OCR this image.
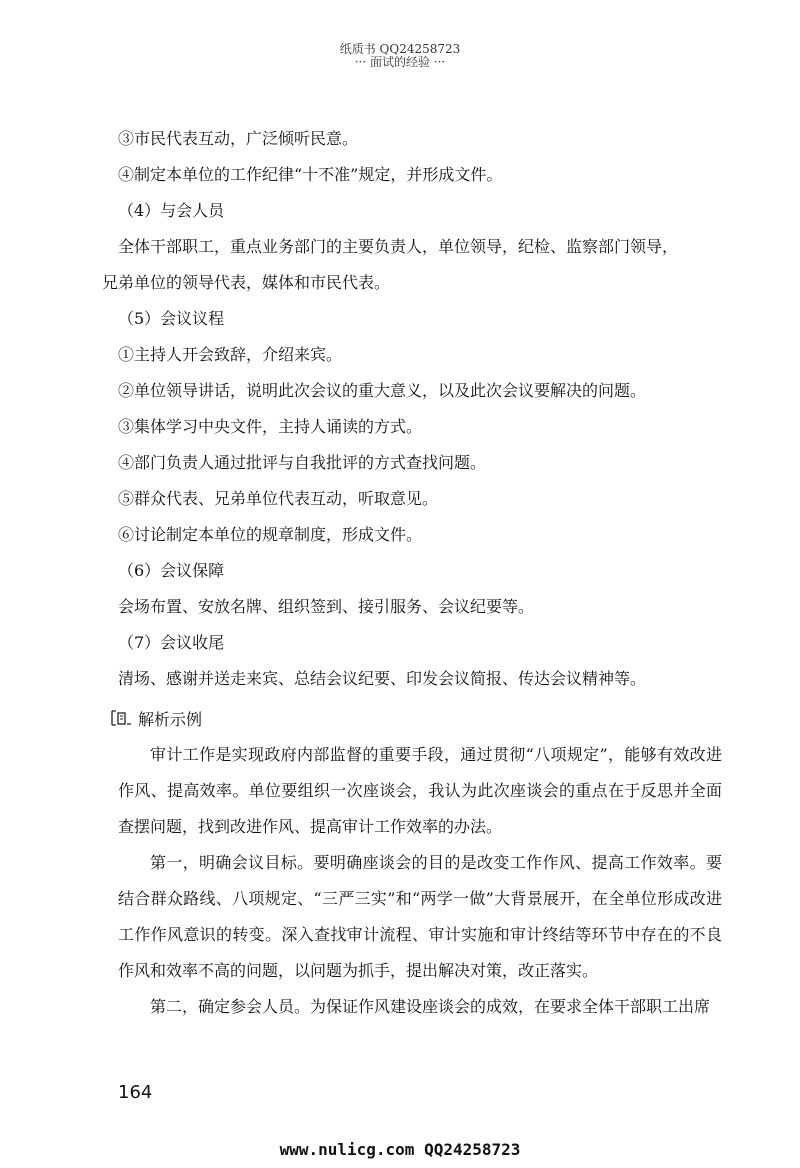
纸质书 QQ24258723
··· 面试的经验 ···
③市民代表互动，广泛倾听民意。
④制定本单位的工作纪律“十不准”规定，并形成文件。
（4）与会人员
全体干部职工，重点业务部门的主要负责人，单位领导，纪检、监察部门领导，
兄弟单位的领导代表，媒体和市民代表。
（5）会议议程
①主持人开会致辞，介绍来宾。
②单位领导讲话，说明此次会议的重大意义，以及此次会议要解决的问题。
③集体学习中央文件，主持人诵读的方式。
④部门负责人通过批评与自我批评的方式查找问题。
⑤群众代表、兄弟单位代表互动，听取意见。
⑥讨论制定本单位的规章制度，形成文件。
（6）会议保障
会场布置、安放名牌、组织签到、接引服务、会议纪要等。
（7）会议收尾
清场、感谢并送走来宾、总结会议纪要、印发会议简报、传达会议精神等。
解析示例
审计工作是实现政府内部监督的重要手段，通过贯彻“八项规定”，能够有效改进作风、提高效率。单位要组织一次座谈会，我认为此次座谈会的重点在于反思并全面查摆问题，找到改进作风、提高审计工作效率的办法。
第一，明确会议目标。要明确座谈会的目的是改变工作作风、提高工作效率。要结合群众路线、八项规定、“三严三实”和“两学一做”大背景展开，在全单位形成改进工作作风意识的转变。深入查找审计流程、审计实施和审计终结等环节中存在的不良作风和效率不高的问题，以问题为抓手，提出解决对策，改正落实。
第二，确定参会人员。为保证作风建设座谈会的成效，在要求全体干部职工出席
164
www.nulicg.com QQ24258723
